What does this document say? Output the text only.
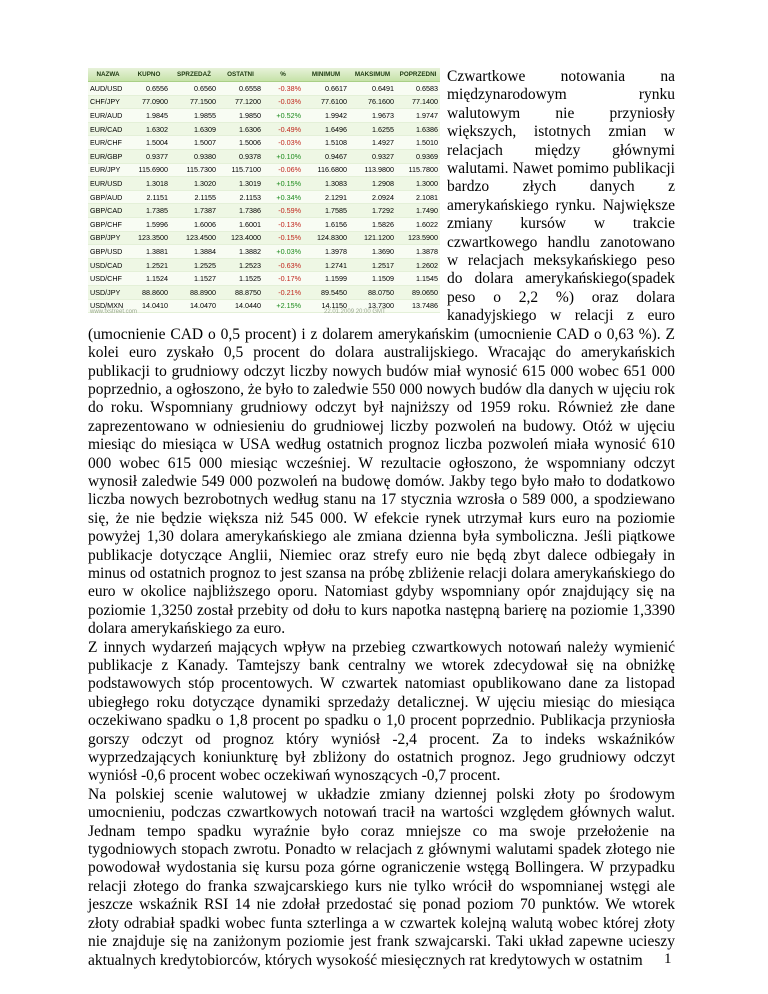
NAZWA	KUPNO	SPRZEDAŻ	OSTATNI	%	MINIMUM	MAKSIMUM	POPRZEDNI
AUD/USD	0.6556	0.6560	0.6558	-0.38%	0.6617	0.6491	0.6583
CHF/JPY	77.0900	77.1500	77.1200	-0.03%	77.6100	76.1600	77.1400
EUR/AUD	1.9845	1.9855	1.9850	+0.52%	1.9942	1.9673	1.9747
EUR/CAD	1.6302	1.6309	1.6306	-0.49%	1.6496	1.6255	1.6386
EUR/CHF	1.5004	1.5007	1.5006	-0.03%	1.5108	1.4927	1.5010
EUR/GBP	0.9377	0.9380	0.9378	+0.10%	0.9467	0.9327	0.9369
EUR/JPY	115.6900	115.7300	115.7100	-0.06%	116.6800	113.9800	115.7800
EUR/USD	1.3018	1.3020	1.3019	+0.15%	1.3083	1.2908	1.3000
GBP/AUD	2.1151	2.1155	2.1153	+0.34%	2.1291	2.0924	2.1081
GBP/CAD	1.7385	1.7387	1.7386	-0.59%	1.7585	1.7292	1.7490
GBP/CHF	1.5996	1.6006	1.6001	-0.13%	1.6156	1.5826	1.6022
GBP/JPY	123.3500	123.4500	123.4000	-0.15%	124.8300	121.1200	123.5900
GBP/USD	1.3881	1.3884	1.3882	+0.03%	1.3978	1.3690	1.3878
USD/CAD	1.2521	1.2525	1.2523	-0.63%	1.2741	1.2517	1.2602
USD/CHF	1.1524	1.1527	1.1525	-0.17%	1.1599	1.1509	1.1545
USD/JPY	88.8600	88.8900	88.8750	-0.21%	89.5450	88.0750	89.0650
USD/MXN	14.0410	14.0470	14.0440	+2.15%	14.1150	13.7300	13.7486
www.fxstreet.com	22.01.2009 20:00 GMT

Czwartkowe notowania na międzynarodowym rynku walutowym nie przyniosły większych, istotnych zmian w relacjach między głównymi walutami. Nawet pomimo publikacji bardzo złych danych z amerykańskiego rynku. Największe zmiany kursów w trakcie czwartkowego handlu zanotowano w relacjach meksykańskiego peso do dolara amerykańskiego(spadek peso o 2,2 %) oraz dolara kanadyjskiego w relacji z euro (umocnienie CAD o 0,5 procent) i z dolarem amerykańskim (umocnienie CAD o 0,63 %). Z kolei euro zyskało 0,5 procent do dolara australijskiego. Wracając do amerykańskich publikacji to grudniowy odczyt liczby nowych budów miał wynosić 615 000 wobec 651 000 poprzednio, a ogłoszono, że było to zaledwie 550 000 nowych budów dla danych w ujęciu rok do roku. Wspomniany grudniowy odczyt był najniższy od 1959 roku. Również złe dane zaprezentowano w odniesieniu do grudniowej liczby pozwoleń na budowy. Otóż w ujęciu miesiąc do miesiąca w USA według ostatnich prognoz liczba pozwoleń miała wynosić 610 000 wobec 615 000 miesiąc wcześniej. W rezultacie ogłoszono, że wspomniany odczyt wynosił zaledwie 549 000 pozwoleń na budowę domów. Jakby tego było mało to dodatkowo liczba nowych bezrobotnych według stanu na 17 stycznia wzrosła o 589 000, a spodziewano się, że nie będzie większa niż 545 000. W efekcie rynek utrzymał kurs euro na poziomie powyżej 1,30 dolara amerykańskiego ale zmiana dzienna była symboliczna. Jeśli piątkowe publikacje dotyczące Anglii, Niemiec oraz strefy euro nie będą zbyt dalece odbiegały in minus od ostatnich prognoz to jest szansa na próbę zbliżenie relacji dolara amerykańskiego do euro w okolice najbliższego oporu. Natomiast gdyby wspomniany opór znajdujący się na poziomie 1,3250 został przebity od dołu to kurs napotka następną barierę na poziomie 1,3390 dolara amerykańskiego za euro.

Z innych wydarzeń mających wpływ na przebieg czwartkowych notowań należy wymienić publikacje z Kanady. Tamtejszy bank centralny we wtorek zdecydował się na obniżkę podstawowych stóp procentowych. W czwartek natomiast opublikowano dane za listopad ubiegłego roku dotyczące dynamiki sprzedaży detalicznej. W ujęciu miesiąc do miesiąca oczekiwano spadku o 1,8 procent po spadku o 1,0 procent poprzednio. Publikacja przyniosła gorszy odczyt od prognoz który wyniósł -2,4 procent. Za to indeks wskaźników wyprzedzających koniunkturę był zbliżony do ostatnich prognoz. Jego grudniowy odczyt wyniósł -0,6 procent wobec oczekiwań wynoszących -0,7 procent.

Na polskiej scenie walutowej w układzie zmiany dziennej polski złoty po środowym umocnieniu, podczas czwartkowych notowań tracił na wartości względem głównych walut. Jednam tempo spadku wyraźnie było coraz mniejsze co ma swoje przełożenie na tygodniowych stopach zwrotu. Ponadto w relacjach z głównymi walutami spadek złotego nie powodował wydostania się kursu poza górne ograniczenie wstęgą Bollingera. W przypadku relacji złotego do franka szwajcarskiego kurs nie tylko wrócił do wspomnianej wstęgi ale jeszcze wskaźnik RSI 14 nie zdołał przedostać się ponad poziom 70 punktów. We wtorek złoty odrabiał spadki wobec funta szterlinga a w czwartek kolejną walutą wobec której złoty nie znajduje się na zaniżonym poziomie jest frank szwajcarski. Taki układ zapewne ucieszy aktualnych kredytobiorców, których wysokość miesięcznych rat kredytowych w ostatnim	1
